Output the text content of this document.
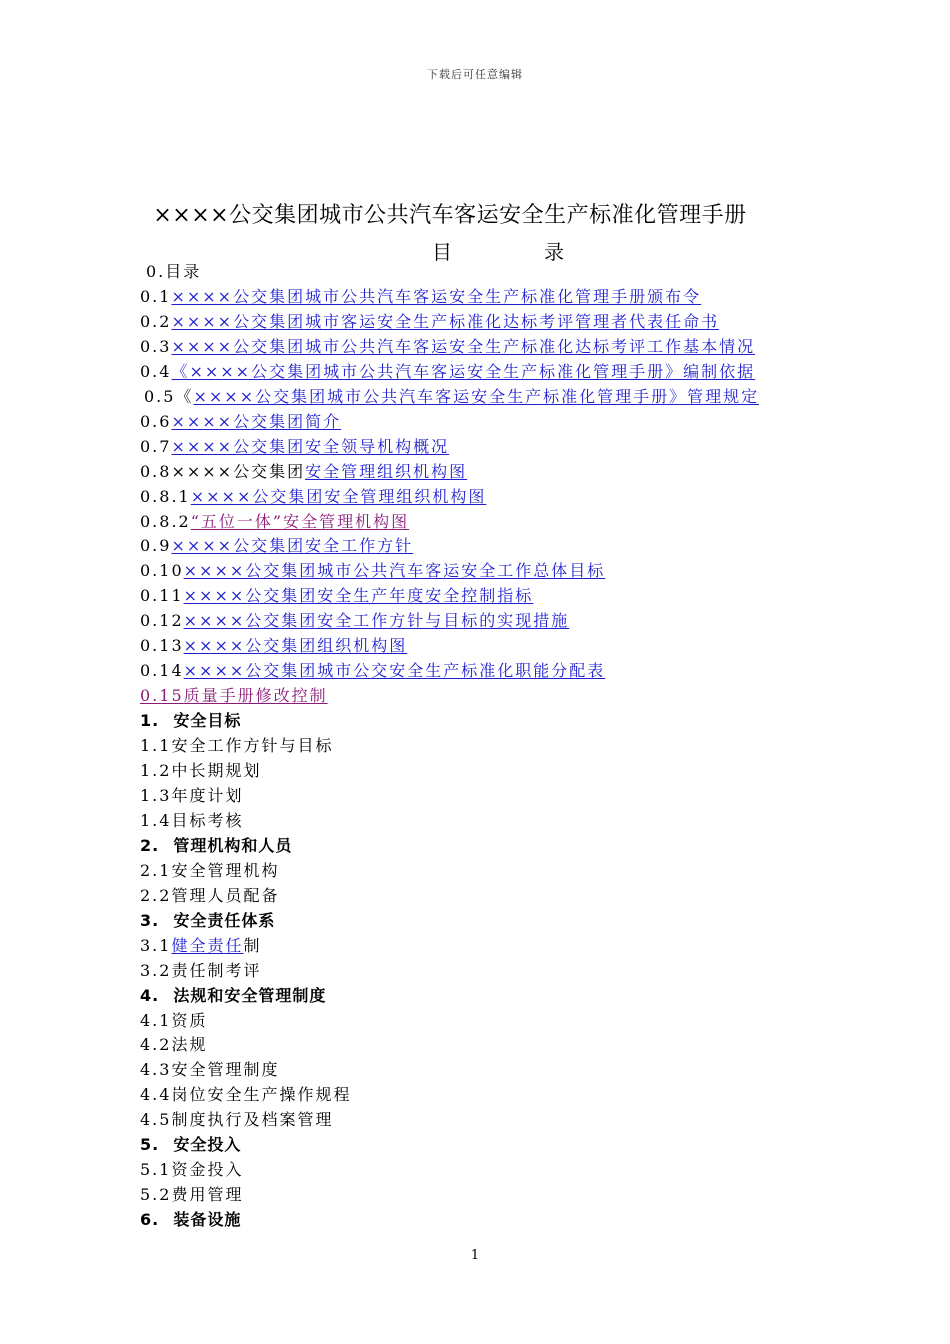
下载后可任意编辑
××××公交集团城市公共汽车客运安全生产标准化管理手册
目	录
0.目录
0.1××××公交集团城市公共汽车客运安全生产标准化管理手册颁布令
0.2××××公交集团城市客运安全生产标准化达标考评管理者代表任命书
0.3××××公交集团城市公共汽车客运安全生产标准化达标考评工作基本情况
0.4《××××公交集团城市公共汽车客运安全生产标准化管理手册》编制依据
0.5《××××公交集团城市公共汽车客运安全生产标准化管理手册》管理规定
0.6××××公交集团简介
0.7××××公交集团安全领导机构概况
0.8××××公交集团安全管理组织机构图
0.8.1××××公交集团安全管理组织机构图
0.8.2“五位一体”安全管理机构图
0.9××××公交集团安全工作方针
0.10××××公交集团城市公共汽车客运安全工作总体目标
0.11××××公交集团安全生产年度安全控制指标
0.12××××公交集团安全工作方针与目标的实现措施
0.13××××公交集团组织机构图
0.14××××公交集团城市公交安全生产标准化职能分配表
0.15质量手册修改控制
1. 安全目标
1.1安全工作方针与目标
1.2中长期规划
1.3年度计划
1.4目标考核
2. 管理机构和人员
2.1安全管理机构
2.2管理人员配备
3. 安全责任体系
3.1健全责任制
3.2责任制考评
4. 法规和安全管理制度
4.1资质
4.2法规
4.3安全管理制度
4.4岗位安全生产操作规程
4.5制度执行及档案管理
5. 安全投入
5.1资金投入
5.2费用管理
6. 装备设施
1
